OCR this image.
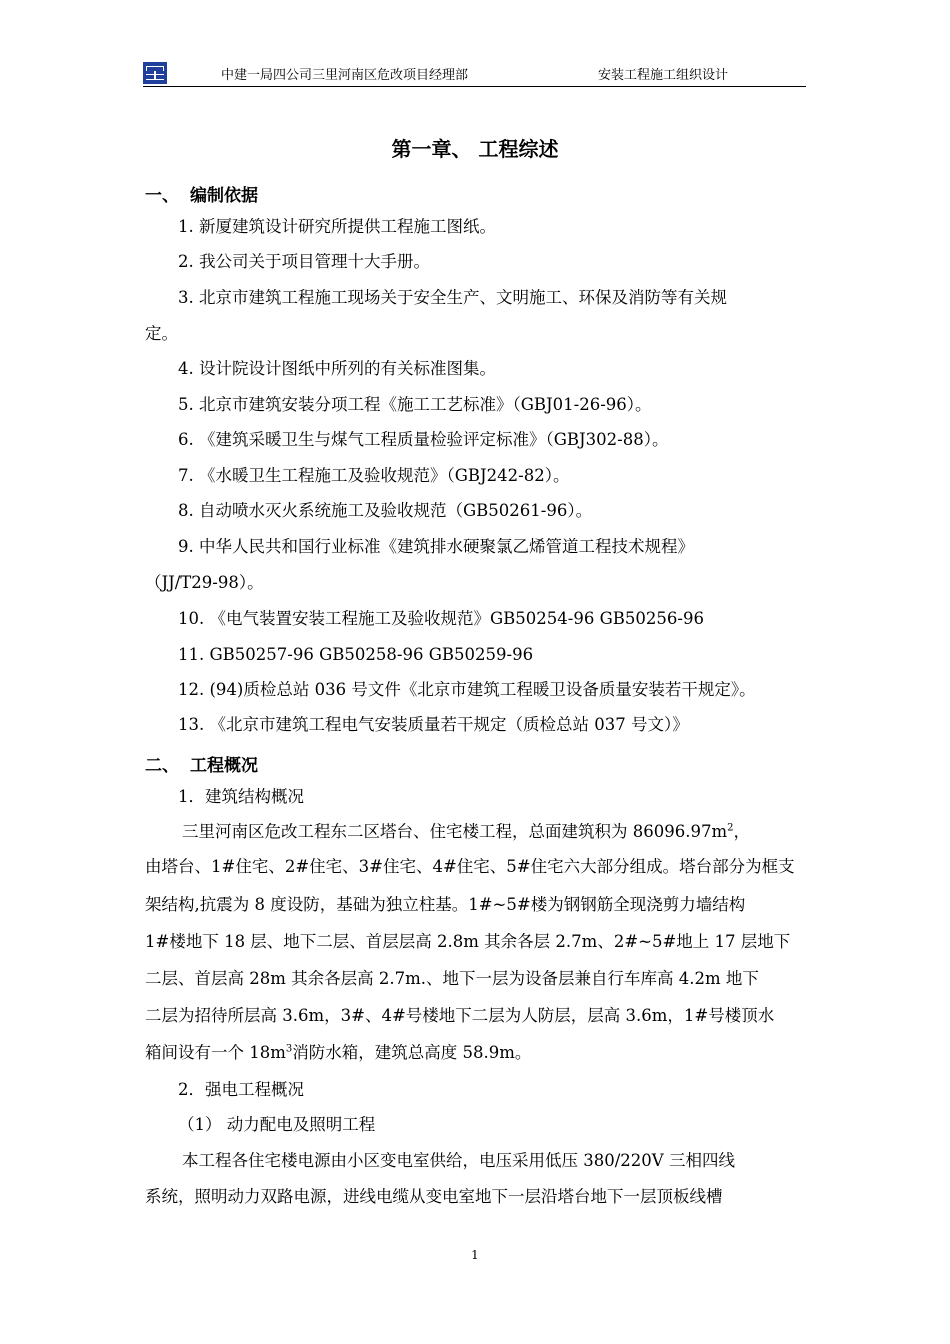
中建一局四公司三里河南区危改项目经理部	安装工程施工组织设计
第一章、 工程综述
一、 编制依据
1. 新厦建筑设计研究所提供工程施工图纸。
2. 我公司关于项目管理十大手册。
3. 北京市建筑工程施工现场关于安全生产、文明施工、环保及消防等有关规
定。
4. 设计院设计图纸中所列的有关标准图集。
5. 北京市建筑安装分项工程《施工工艺标准》（GBJ01-26-96）。
6. 《建筑采暖卫生与煤气工程质量检验评定标准》（GBJ302-88）。
7. 《水暖卫生工程施工及验收规范》（GBJ242-82）。
8. 自动喷水灭火系统施工及验收规范（GB50261-96）。
9. 中华人民共和国行业标准《建筑排水硬聚氯乙烯管道工程技术规程》
（JJ/T29-98）。
10. 《电气装置安装工程施工及验收规范》GB50254-96 GB50256-96
11. GB50257-96 GB50258-96 GB50259-96
12. (94)质检总站 036 号文件《北京市建筑工程暖卫设备质量安装若干规定》。
13. 《北京市建筑工程电气安装质量若干规定（质检总站 037 号文）》
二、 工程概况
1．建筑结构概况
三里河南区危改工程东二区塔台、住宅楼工程，总面建筑积为 $86096.97m^2$，
由塔台、1#住宅、2#住宅、3#住宅、4#住宅、5#住宅六大部分组成。塔台部分为框支
架结构,抗震为 8 度设防，基础为独立柱基。1#~5#楼为钢钢筋全现浇剪力墙结构
1#楼地下 18 层、地下二层、首层层高 2.8m 其余各层 2.7m、2#~5#地上 17 层地下
二层、首层高 28m 其余各层高 2.7m.、地下一层为设备层兼自行车库高 4.2m 地下
二层为招待所层高 3.6m，3#、4#号楼地下二层为人防层，层高 3.6m，1#号楼顶水
箱间设有一个 $18m^3$消防水箱，建筑总高度 58.9m。
2．强电工程概况
（1） 动力配电及照明工程
本工程各住宅楼电源由小区变电室供给，电压采用低压 380/220V 三相四线
系统，照明动力双路电源，进线电缆从变电室地下一层沿塔台地下一层顶板线槽
1
